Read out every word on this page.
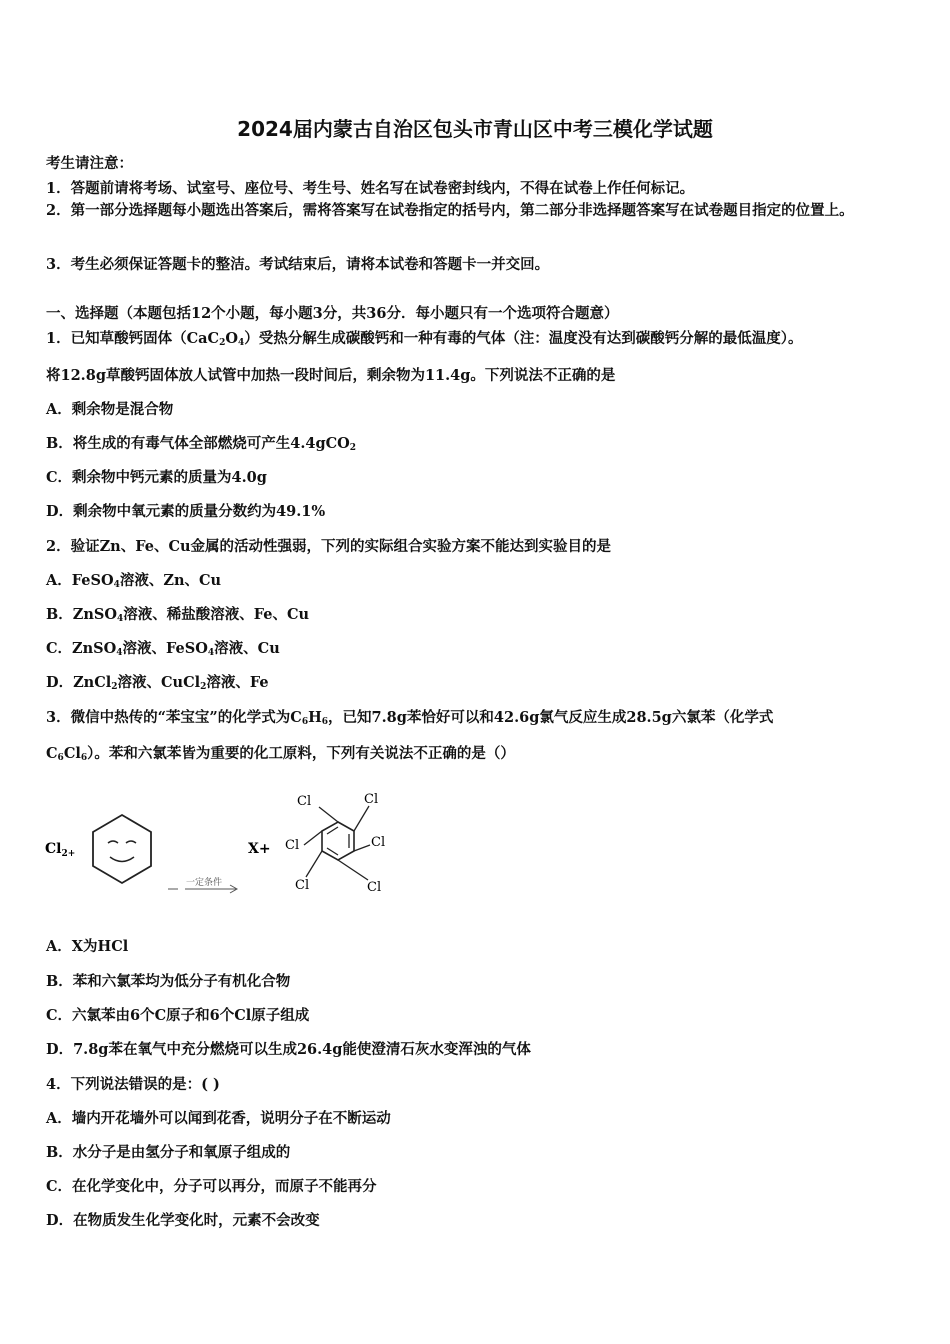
2024届内蒙古自治区包头市青山区中考三模化学试题
考生请注意：
1．答题前请将考场、试室号、座位号、考生号、姓名写在试卷密封线内，不得在试卷上作任何标记。
2．第一部分选择题每小题选出答案后，需将答案写在试卷指定的括号内，第二部分非选择题答案写在试卷题目指定的位置上。
3．考生必须保证答题卡的整洁。考试结束后，请将本试卷和答题卡一并交回。
一、选择题（本题包括12个小题，每小题3分，共36分．每小题只有一个选项符合题意）
1．已知草酸钙固体$(CaC_2O_4)$受热分解生成碳酸钙和一种有毒的气体（注：温度没有达到碳酸钙分解的最低温度）。
将12.8g草酸钙固体放人试管中加热一段时间后，剩余物为11.4g。下列说法不正确的是
A．剩余物是混合物
B．将生成的有毒气体全部燃烧可产生4.4gCO$_2$
C．剩余物中钙元素的质量为4.0g
D．剩余物中氧元素的质量分数约为49.1%
2．验证Zn、Fe、Cu金属的活动性强弱，下列的实际组合实验方案不能达到实验目的是
A．FeSO$_4$溶液、Zn、Cu
B．ZnSO$_4$溶液、稀盐酸溶液、Fe、Cu
C．ZnSO$_4$溶液、FeSO$_4$溶液、Cu
D．ZnCl$_2$溶液、CuCl$_2$溶液、Fe
3．微信中热传的“苯宝宝”的化学式为$C_6H_6$，已知7.8g苯恰好可以和42.6g氯气反应生成28.5g六氯苯（化学式
$C_6Cl_6$）。苯和六氯苯皆为重要的化工原料，下列有关说法不正确的是（）
$Cl_{2+}$
一定条件
X+
Cl	Cl
Cl
Cl
Cl	Cl
A．X为HCl
B．苯和六氯苯均为低分子有机化合物
C．六氯苯由6个C原子和6个Cl原子组成
D．7.8g苯在氧气中充分燃烧可以生成26.4g能使澄清石灰水变浑浊的气体
4．下列说法错误的是：( )
A．墙内开花墙外可以闻到花香，说明分子在不断运动
B．水分子是由氢分子和氧原子组成的
C．在化学变化中，分子可以再分，而原子不能再分
D．在物质发生化学变化时，元素不会改变
